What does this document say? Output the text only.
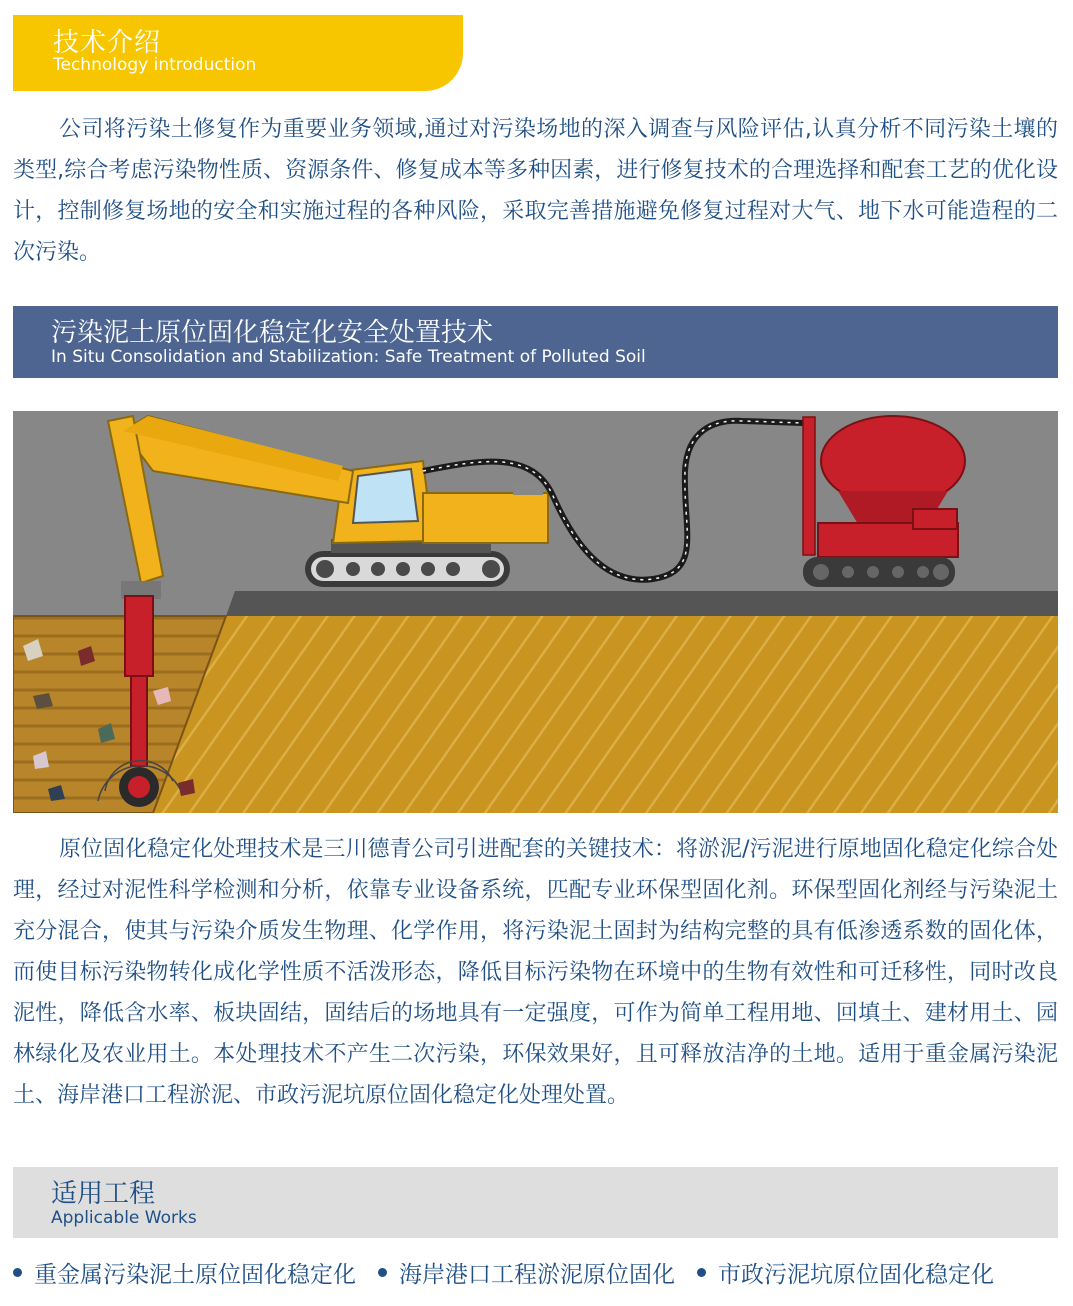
技术介绍
Technology introduction

公司将污染土修复作为重要业务领域,通过对污染场地的深入调查与风险评估,认真分析不同污染土壤的类型,综合考虑污染物性质、资源条件、修复成本等多种因素，进行修复技术的合理选择和配套工艺的优化设计，控制修复场地的安全和实施过程的各种风险，采取完善措施避免修复过程对大气、地下水可能造程的二次污染。

污染泥土原位固化稳定化安全处置技术
In Situ Consolidation and Stabilization: Safe Treatment of Polluted Soil

原位固化稳定化处理技术是三川德青公司引进配套的关键技术：将淤泥/污泥进行原地固化稳定化综合处理，经过对泥性科学检测和分析，依靠专业设备系统，匹配专业环保型固化剂。环保型固化剂经与污染泥土充分混合，使其与污染介质发生物理、化学作用，将污染泥土固封为结构完整的具有低渗透系数的固化体，而使目标污染物转化成化学性质不活泼形态，降低目标污染物在环境中的生物有效性和可迁移性，同时改良泥性，降低含水率、板块固结，固结后的场地具有一定强度，可作为简单工程用地、回填土、建材用土、园林绿化及农业用土。本处理技术不产生二次污染，环保效果好，且可释放洁净的土地。适用于重金属污染泥土、海岸港口工程淤泥、市政污泥坑原位固化稳定化处理处置。

适用工程
Applicable Works
重金属污染泥土原位固化稳定化 海岸港口工程淤泥原位固化 市政污泥坑原位固化稳定化
